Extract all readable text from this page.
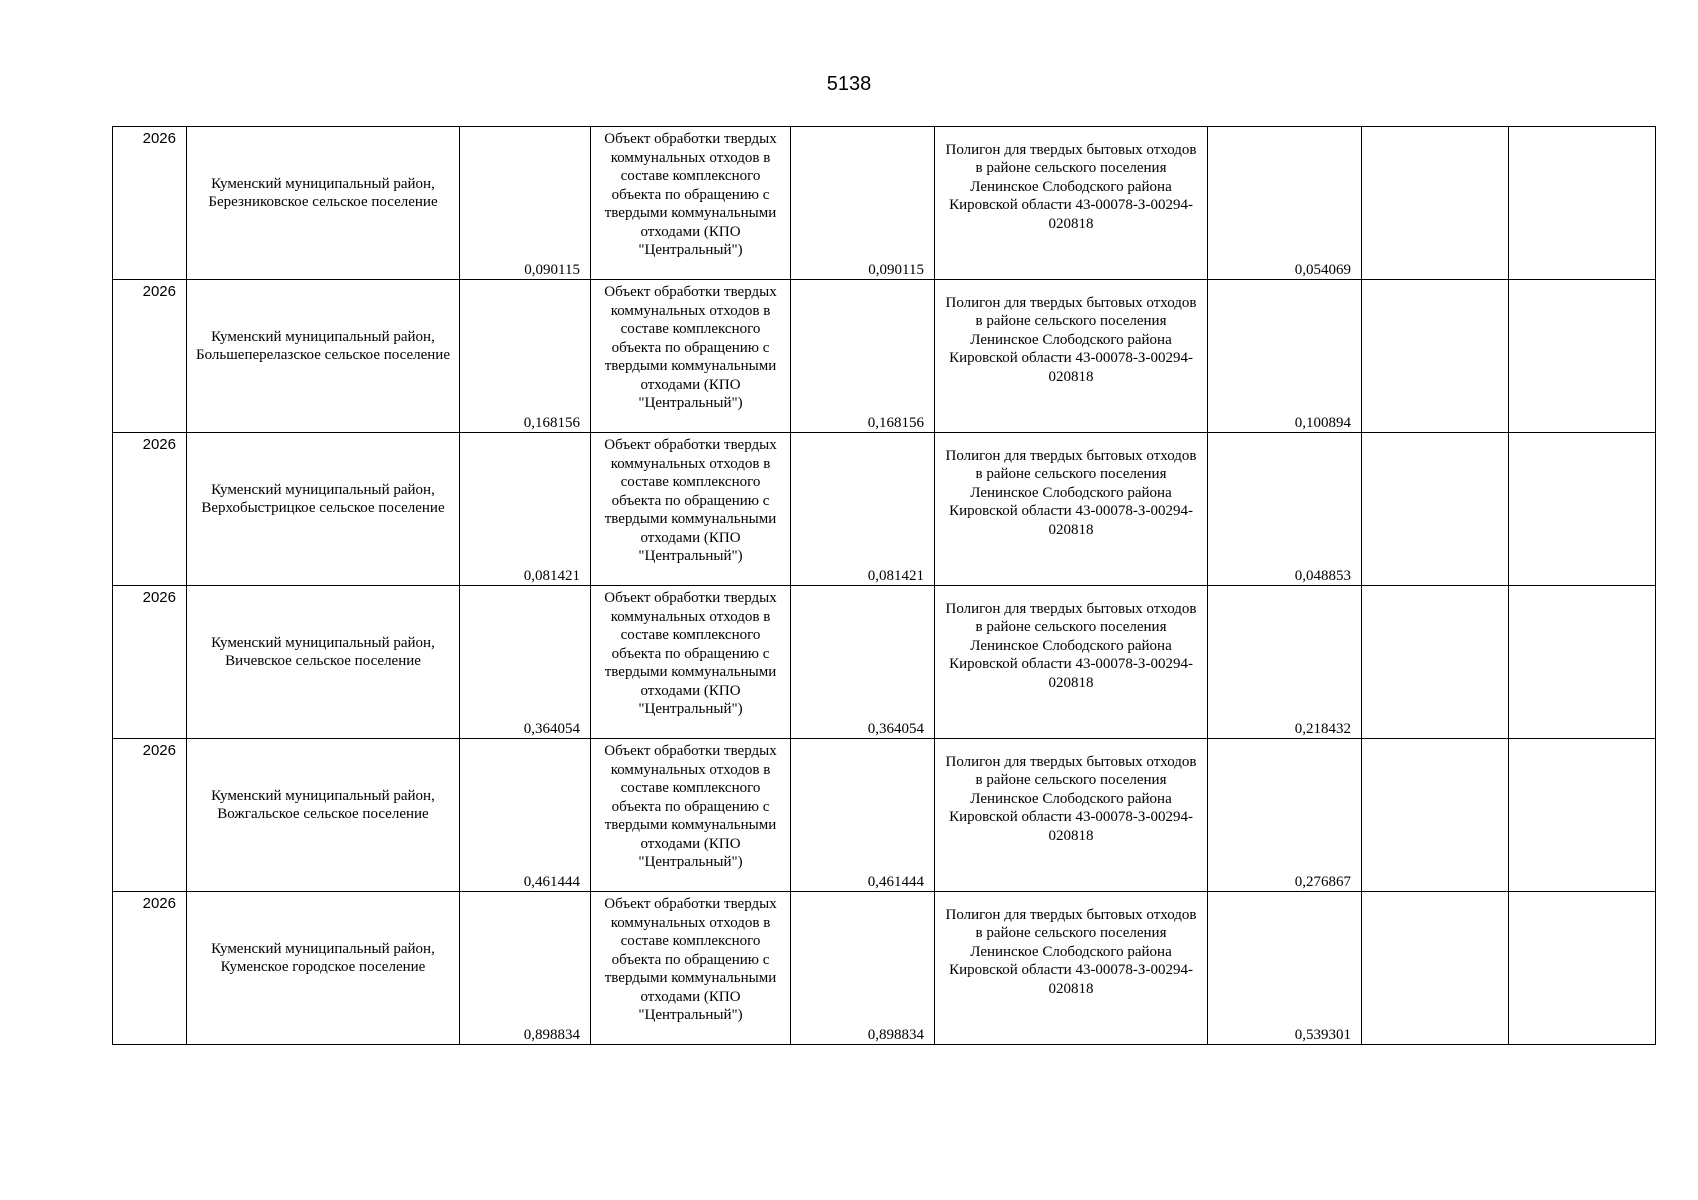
5138
2026	Куменский муниципальный район, Березниковское сельское поселение	0,090115	Объект обработки твердых коммунальных отходов в составе комплексного объекта по обращению с твердыми коммунальными отходами (КПО "Центральный")	0,090115	Полигон для твердых бытовых отходов в районе сельского поселения Ленинское Слободского района Кировской области 43-00078-З-00294-020818	0,054069		

2026	Куменский муниципальный район, Большеперелазское сельское поселение	0,168156	Объект обработки твердых коммунальных отходов в составе комплексного объекта по обращению с твердыми коммунальными отходами (КПО "Центральный")	0,168156	Полигон для твердых бытовых отходов в районе сельского поселения Ленинское Слободского района Кировской области 43-00078-З-00294-020818	0,100894		

2026	Куменский муниципальный район, Верхобыстрицкое сельское поселение	0,081421	Объект обработки твердых коммунальных отходов в составе комплексного объекта по обращению с твердыми коммунальными отходами (КПО "Центральный")	0,081421	Полигон для твердых бытовых отходов в районе сельского поселения Ленинское Слободского района Кировской области 43-00078-З-00294-020818	0,048853		

2026	Куменский муниципальный район, Вичевское сельское поселение	0,364054	Объект обработки твердых коммунальных отходов в составе комплексного объекта по обращению с твердыми коммунальными отходами (КПО "Центральный")	0,364054	Полигон для твердых бытовых отходов в районе сельского поселения Ленинское Слободского района Кировской области 43-00078-З-00294-020818	0,218432		

2026	Куменский муниципальный район, Вожгальское сельское поселение	0,461444	Объект обработки твердых коммунальных отходов в составе комплексного объекта по обращению с твердыми коммунальными отходами (КПО "Центральный")	0,461444	Полигон для твердых бытовых отходов в районе сельского поселения Ленинское Слободского района Кировской области 43-00078-З-00294-020818	0,276867		

2026	Куменский муниципальный район, Куменское городское поселение	0,898834	Объект обработки твердых коммунальных отходов в составе комплексного объекта по обращению с твердыми коммунальными отходами (КПО "Центральный")	0,898834	Полигон для твердых бытовых отходов в районе сельского поселения Ленинское Слободского района Кировской области 43-00078-З-00294-020818	0,539301		
